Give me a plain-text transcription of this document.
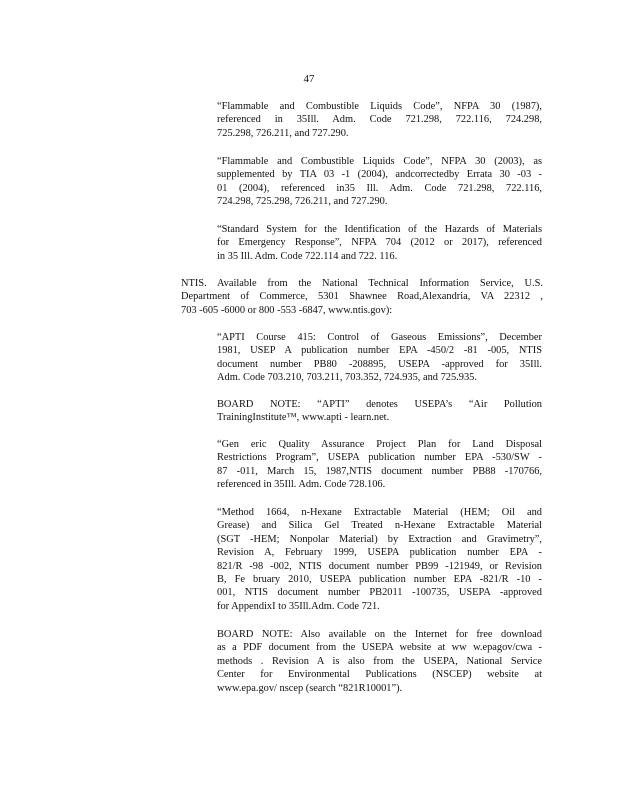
47
“Flammable and Combustible Liquids Code”, NFPA 30 (1987),
referenced in 35Ill. Adm. Code 721.298, 722.116, 724.298,
725.298, 726.211, and 727.290.
“Flammable and Combustible Liquids Code”, NFPA 30 (2003), as
supplemented by TIA 03 -1 (2004), andcorrectedby Errata 30 -03 -
01 (2004), referenced in35 Ill. Adm. Code 721.298, 722.116,
724.298, 725.298, 726.211, and 727.290.
“Standard System for the Identification of the Hazards of Materials
for Emergency Response”, NFPA 704 (2012 or 2017), referenced
in 35 Ill. Adm. Code 722.114 and 722. 116.
NTIS. Available from the National Technical Information Service, U.S.
Department of Commerce, 5301 Shawnee Road,Alexandria, VA 22312 ,
703 -605 -6000 or 800 -553 -6847, www.ntis.gov):
“APTI Course 415: Control of Gaseous Emissions”, December
1981, USEP A publication number EPA -450/2 -81 -005, NTIS
document number PB80 -208895, USEPA -approved for 35Ill.
Adm. Code 703.210, 703.211, 703.352, 724.935, and 725.935.
BOARD NOTE: “APTI” denotes USEPA’s “Air Pollution
TrainingInstitute™, www.apti - learn.net.
“Gen eric Quality Assurance Project Plan for Land Disposal
Restrictions Program”, USEPA publication number EPA -530/SW -
87 -011, March 15, 1987,NTIS document number PB88 -170766,
referenced in 35Ill. Adm. Code 728.106.
“Method 1664, n-Hexane Extractable Material (HEM; Oil and
Grease) and Silica Gel Treated n-Hexane Extractable Material
(SGT -HEM; Nonpolar Material) by Extraction and Gravimetry”,
Revision A, February 1999, USEPA publication number EPA -
821/R -98 -002, NTIS document number PB99 -121949, or Revision
B, Fe bruary 2010, USEPA publication number EPA -821/R -10 -
001, NTIS document number PB2011 -100735, USEPA -approved
for AppendixI to 35Ill.Adm. Code 721.
BOARD NOTE: Also available on the Internet for free download
as a PDF document from the USEPA website at ww w.epagov/cwa -
methods . Revision A is also from the USEPA, National Service
Center for Environmental Publications (NSCEP) website at
www.epa.gov/ nscep (search “821R10001”).
